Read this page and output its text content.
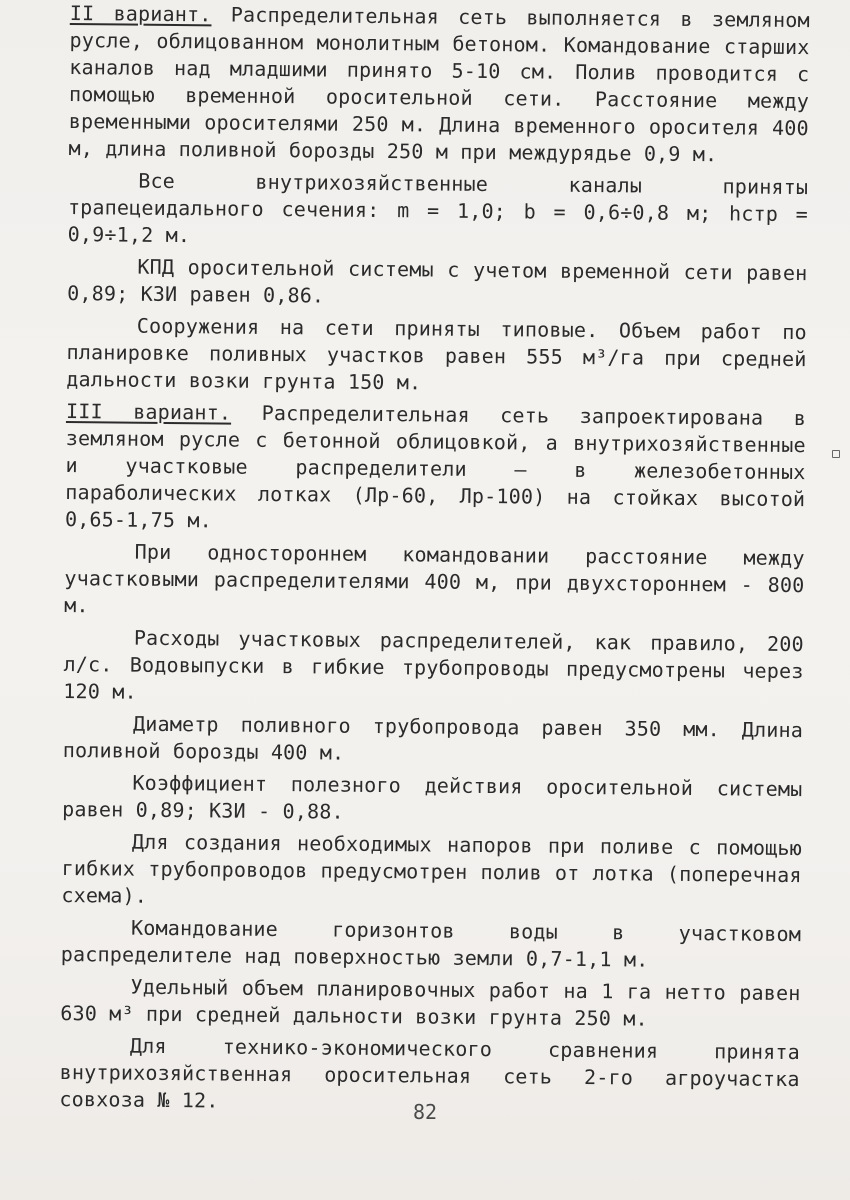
II вариант. Распределительная сеть выполняется в земляном русле, облицованном монолитным бетоном. Командование старших каналов над младшими принято 5-10 см. Полив проводится с помощью временной оросительной сети. Расстояние между временными оросителями 250 м. Длина временного оросителя 400 м, длина поливной борозды 250 м при междурядье 0,9 м.

Все внутрихозяйственные каналы приняты трапецеидального сечения: m = 1,0; b = 0,6÷0,8 м; hстр = 0,9÷1,2 м.

КПД оросительной системы с учетом временной сети равен 0,89; КЗИ равен 0,86.

Сооружения на сети приняты типовые. Объем работ по планировке поливных участков равен 555 м³/га при средней дальности возки грунта 150 м.

III вариант. Распределительная сеть запроектирована в земляном русле с бетонной облицовкой, а внутрихозяйственные и участковые распределители – в железобетонных параболических лотках (Лр-60, Лр-100) на стойках высотой 0,65-1,75 м.

При одностороннем командовании расстояние между участковыми распределителями 400 м, при двухстороннем - 800 м.

Расходы участковых распределителей, как правило, 200 л/с. Водовыпуски в гибкие трубопроводы предусмотрены через 120 м.

Диаметр поливного трубопровода равен 350 мм. Длина поливной борозды 400 м.

Коэффициент полезного действия оросительной системы равен 0,89; КЗИ - 0,88.

Для создания необходимых напоров при поливе с помощью гибких трубопроводов предусмотрен полив от лотка (поперечная схема).

Командование горизонтов воды в участковом распределителе над поверхностью земли 0,7-1,1 м.

Удельный объем планировочных работ на 1 га нетто равен 630 м³ при средней дальности возки грунта 250 м.

Для технико-экономического сравнения принята внутрихозяйственная оросительная сеть 2-го агроучастка совхоза № 12.	82
